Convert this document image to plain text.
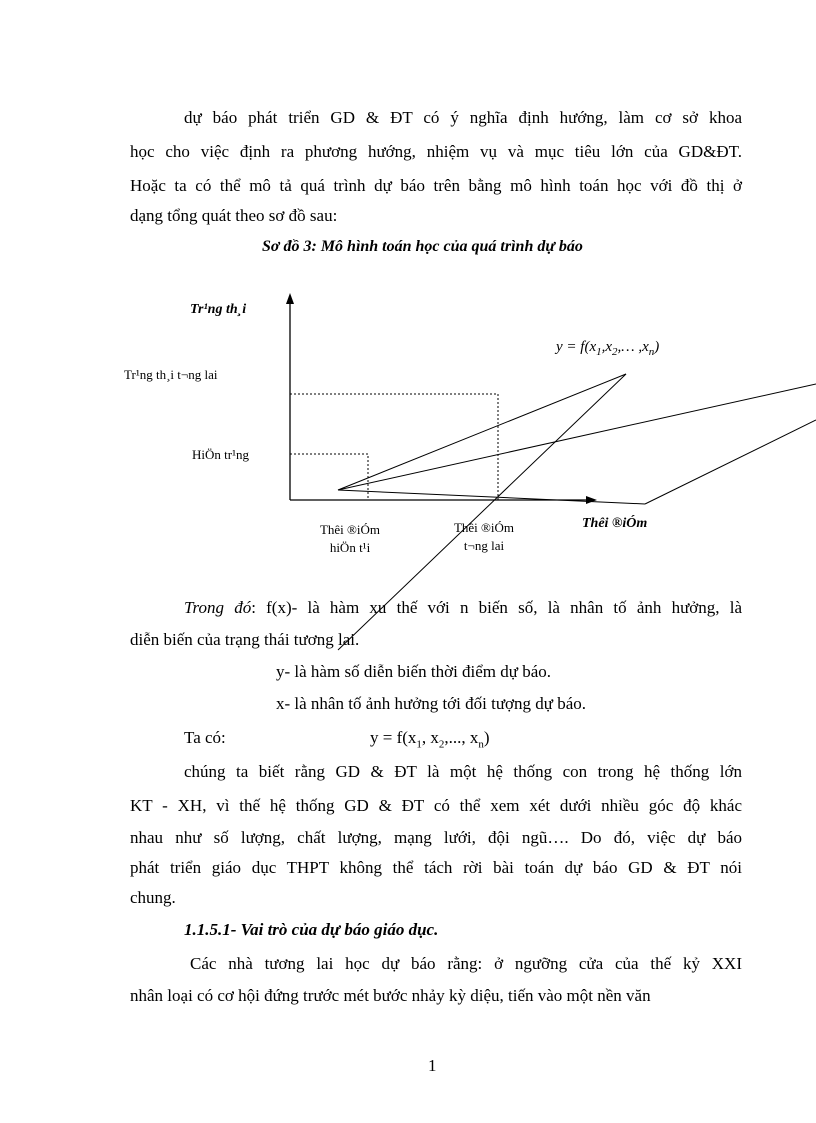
dự báo phát triển GD & ĐT có ý nghĩa định hướng, làm cơ sở khoa
học cho việc định ra phương hướng, nhiệm vụ và mục tiêu lớn của GD&ĐT.
Hoặc ta có thể mô tả quá trình dự báo trên bằng mô hình toán học với đồ thị ở
dạng tổng quát theo sơ đồ sau:
Sơ đồ 3: Mô hình toán học của quá trình dự báo
Tr¹ng th¸i
Tr¹ng th¸i t¬ng lai
HiÖn tr¹ng
$y = f(x_1,x_2,\dots$ $,x_n$)
Thêi ®iÓm
hiÖn t¹i
Thêi ®iÓm
t¬ng lai
Thêi ®iÓm
Trong đó: f(x)- là hàm xu thế với n biến số, là nhân tố ảnh hưởng, là
diễn biến của trạng thái tương lai.
y- là hàm số diễn biến thời điểm dự báo.
x- là nhân tố ảnh hưởng tới đối tượng dự báo.
Ta có:	$y = f(x_1$, $x_2$,..., $x_n$)
chúng ta biết rằng GD & ĐT là một hệ thống con trong hệ thống lớn
KT - XH, vì thế hệ thống GD & ĐT có thể xem xét dưới nhiều góc độ khác
nhau như số lượng, chất lượng, mạng lưới, đội ngũ…. Do đó, việc dự báo
phát triển giáo dục THPT không thể tách rời bài toán dự báo GD & ĐT nói
chung.
1.1.5.1- Vai trò của dự báo giáo dục.
Các nhà tương lai học dự báo rằng: ở ngưỡng cửa của thế kỷ XXI
nhân loại có cơ hội đứng trước mét bước nhảy kỳ diệu, tiến vào một nền văn
1
